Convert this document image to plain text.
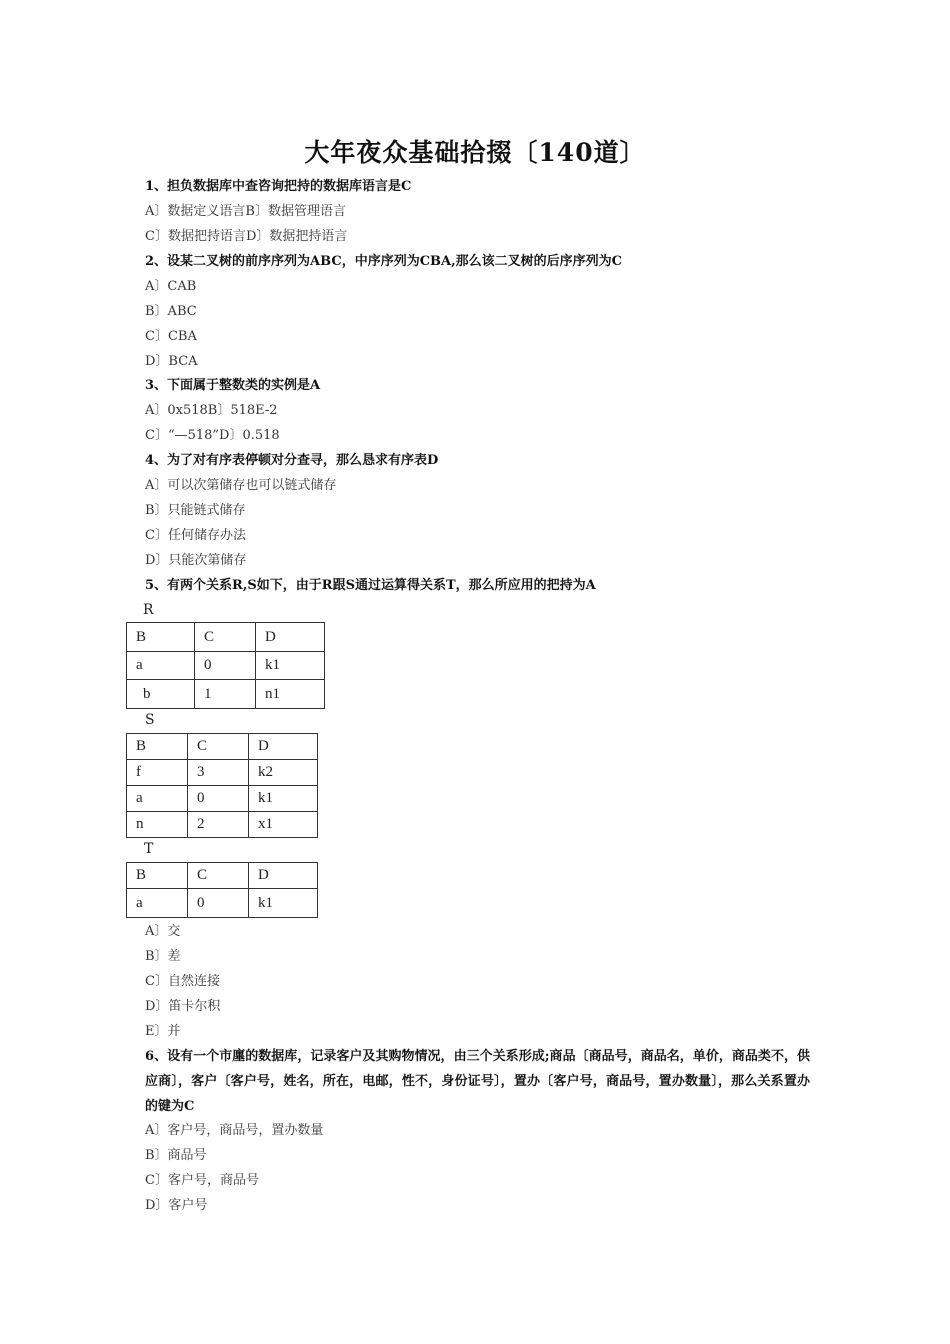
大年夜众基础拾掇〔140道〕
1、担负数据库中查咨询把持的数据库语言是C
A〕数据定义语言B〕数据管理语言
C〕数据把持语言D〕数据把持语言
2、设某二叉树的前序序列为ABC，中序序列为CBA,那么该二叉树的后序序列为C
A〕CAB
B〕ABC
C〕CBA
D〕BCA
3、下面属于整数类的实例是A
A〕0x518B〕518E-2
C〕“—518”D〕0.518
4、为了对有序表停顿对分查寻，那么恳求有序表D
A〕可以次第储存也可以链式储存
B〕只能链式储存
C〕任何储存办法
D〕只能次第储存
5、有两个关系R,S如下，由于R跟S通过运算得关系T，那么所应用的把持为A
R
B	C	D
a	0	k1
b	1	n1
S
B	C	D
f	3	k2
a	0	k1
n	2	x1
T
B	C	D
a	0	k1
A〕交
B〕差
C〕自然连接
D〕笛卡尔积
E〕并
6、设有一个市廛的数据库，记录客户及其购物情况，由三个关系形成;商品〔商品号，商品名，单价，商品类不，供应商〕，客户〔客户号，姓名，所在，电邮，性不，身份证号〕，置办〔客户号，商品号，置办数量〕，那么关系置办的键为C
A〕客户号，商品号，置办数量
B〕商品号
C〕客户号，商品号
D〕客户号
